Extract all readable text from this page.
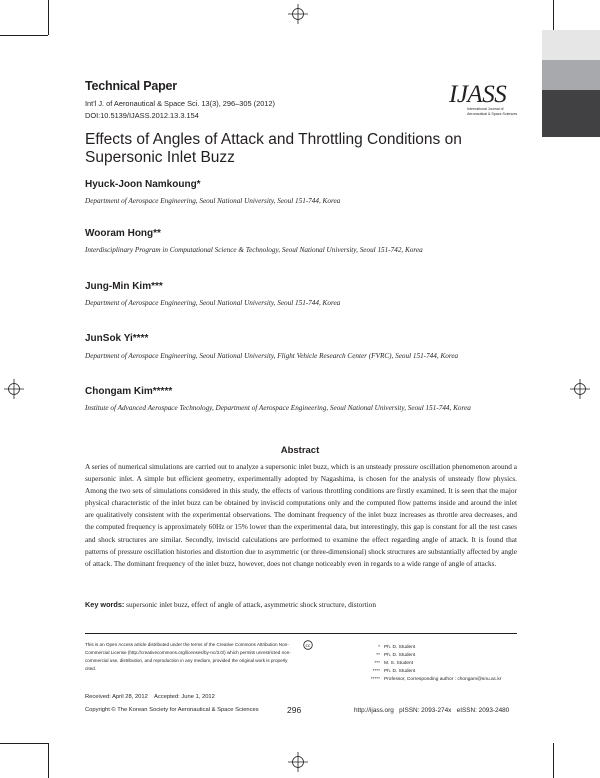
Technical Paper
Int'l J. of Aeronautical & Space Sci. 13(3), 296–305 (2012)
DOI:10.5139/IJASS.2012.13.3.154
IJASS
International Journal of
Aeronautical & Space Sciences
Effects of Angles of Attack and Throttling Conditions on Supersonic Inlet Buzz
Hyuck-Joon Namkoung*
Department of Aerospace Engineering, Seoul National University, Seoul 151-744, Korea
Wooram Hong**
Interdisciplinary Program in Computational Science & Technology, Seoul National University, Seoul 151-742, Korea
Jung-Min Kim***
Department of Aerospace Engineering, Seoul National University, Seoul 151-744, Korea
JunSok Yi****
Department of Aerospace Engineering, Seoul National University, Flight Vehicle Research Center (FVRC), Seoul 151-744, Korea
Chongam Kim*****
Institute of Advanced Aerospace Technology, Department of Aerospace Engineering, Seoul National University, Seoul 151-744, Korea
Abstract
A series of numerical simulations are carried out to analyze a supersonic inlet buzz, which is an unsteady pressure oscillation phenomenon around a supersonic inlet. A simple but efficient geometry, experimentally adopted by Nagashima, is chosen for the analysis of unsteady flow physics. Among the two sets of simulations considered in this study, the effects of various throttling conditions are firstly examined. It is seen that the major physical characteristic of the inlet buzz can be obtained by inviscid computations only and the computed flow patterns inside and around the inlet are qualitatively consistent with the experimental observations. The dominant frequency of the inlet buzz increases as throttle area decreases, and the computed frequency is approximately 60Hz or 15% lower than the experimental data, but interestingly, this gap is constant for all the test cases and shock structures are similar. Secondly, inviscid calculations are performed to examine the effect regarding angle of attack. It is found that patterns of pressure oscillation histories and distortion due to asymmetric (or three-dimensional) shock structures are substantially affected by angle of attack. The dominant frequency of the inlet buzz, however, does not change noticeably even in regards to a wide range of angle of attacks.
Key words: supersonic inlet buzz, effect of angle of attack, asymmetric shock structure, distortion
This is an Open Access article distributed under the terms of the Creative Commons Attribution Non-Commercial License (http://creativecommons.org/licenses/by-nc/3.0/) which permits unrestricted non-commercial use, distribution, and reproduction in any medium, provided the original work is properly cited.
cc	* Ph. D. Student
** Ph. D. Student
*** M. S. Student
**** Ph. D. Student
***** Professor, Corresponding author : chongam@snu.ac.kr
Received: April 28, 2012    Accepted: June 1, 2012
Copyright © The Korean Society for Aeronautical & Space Sciences	296	http://ijass.org   pISSN: 2093-274x   eISSN: 2093-2480
